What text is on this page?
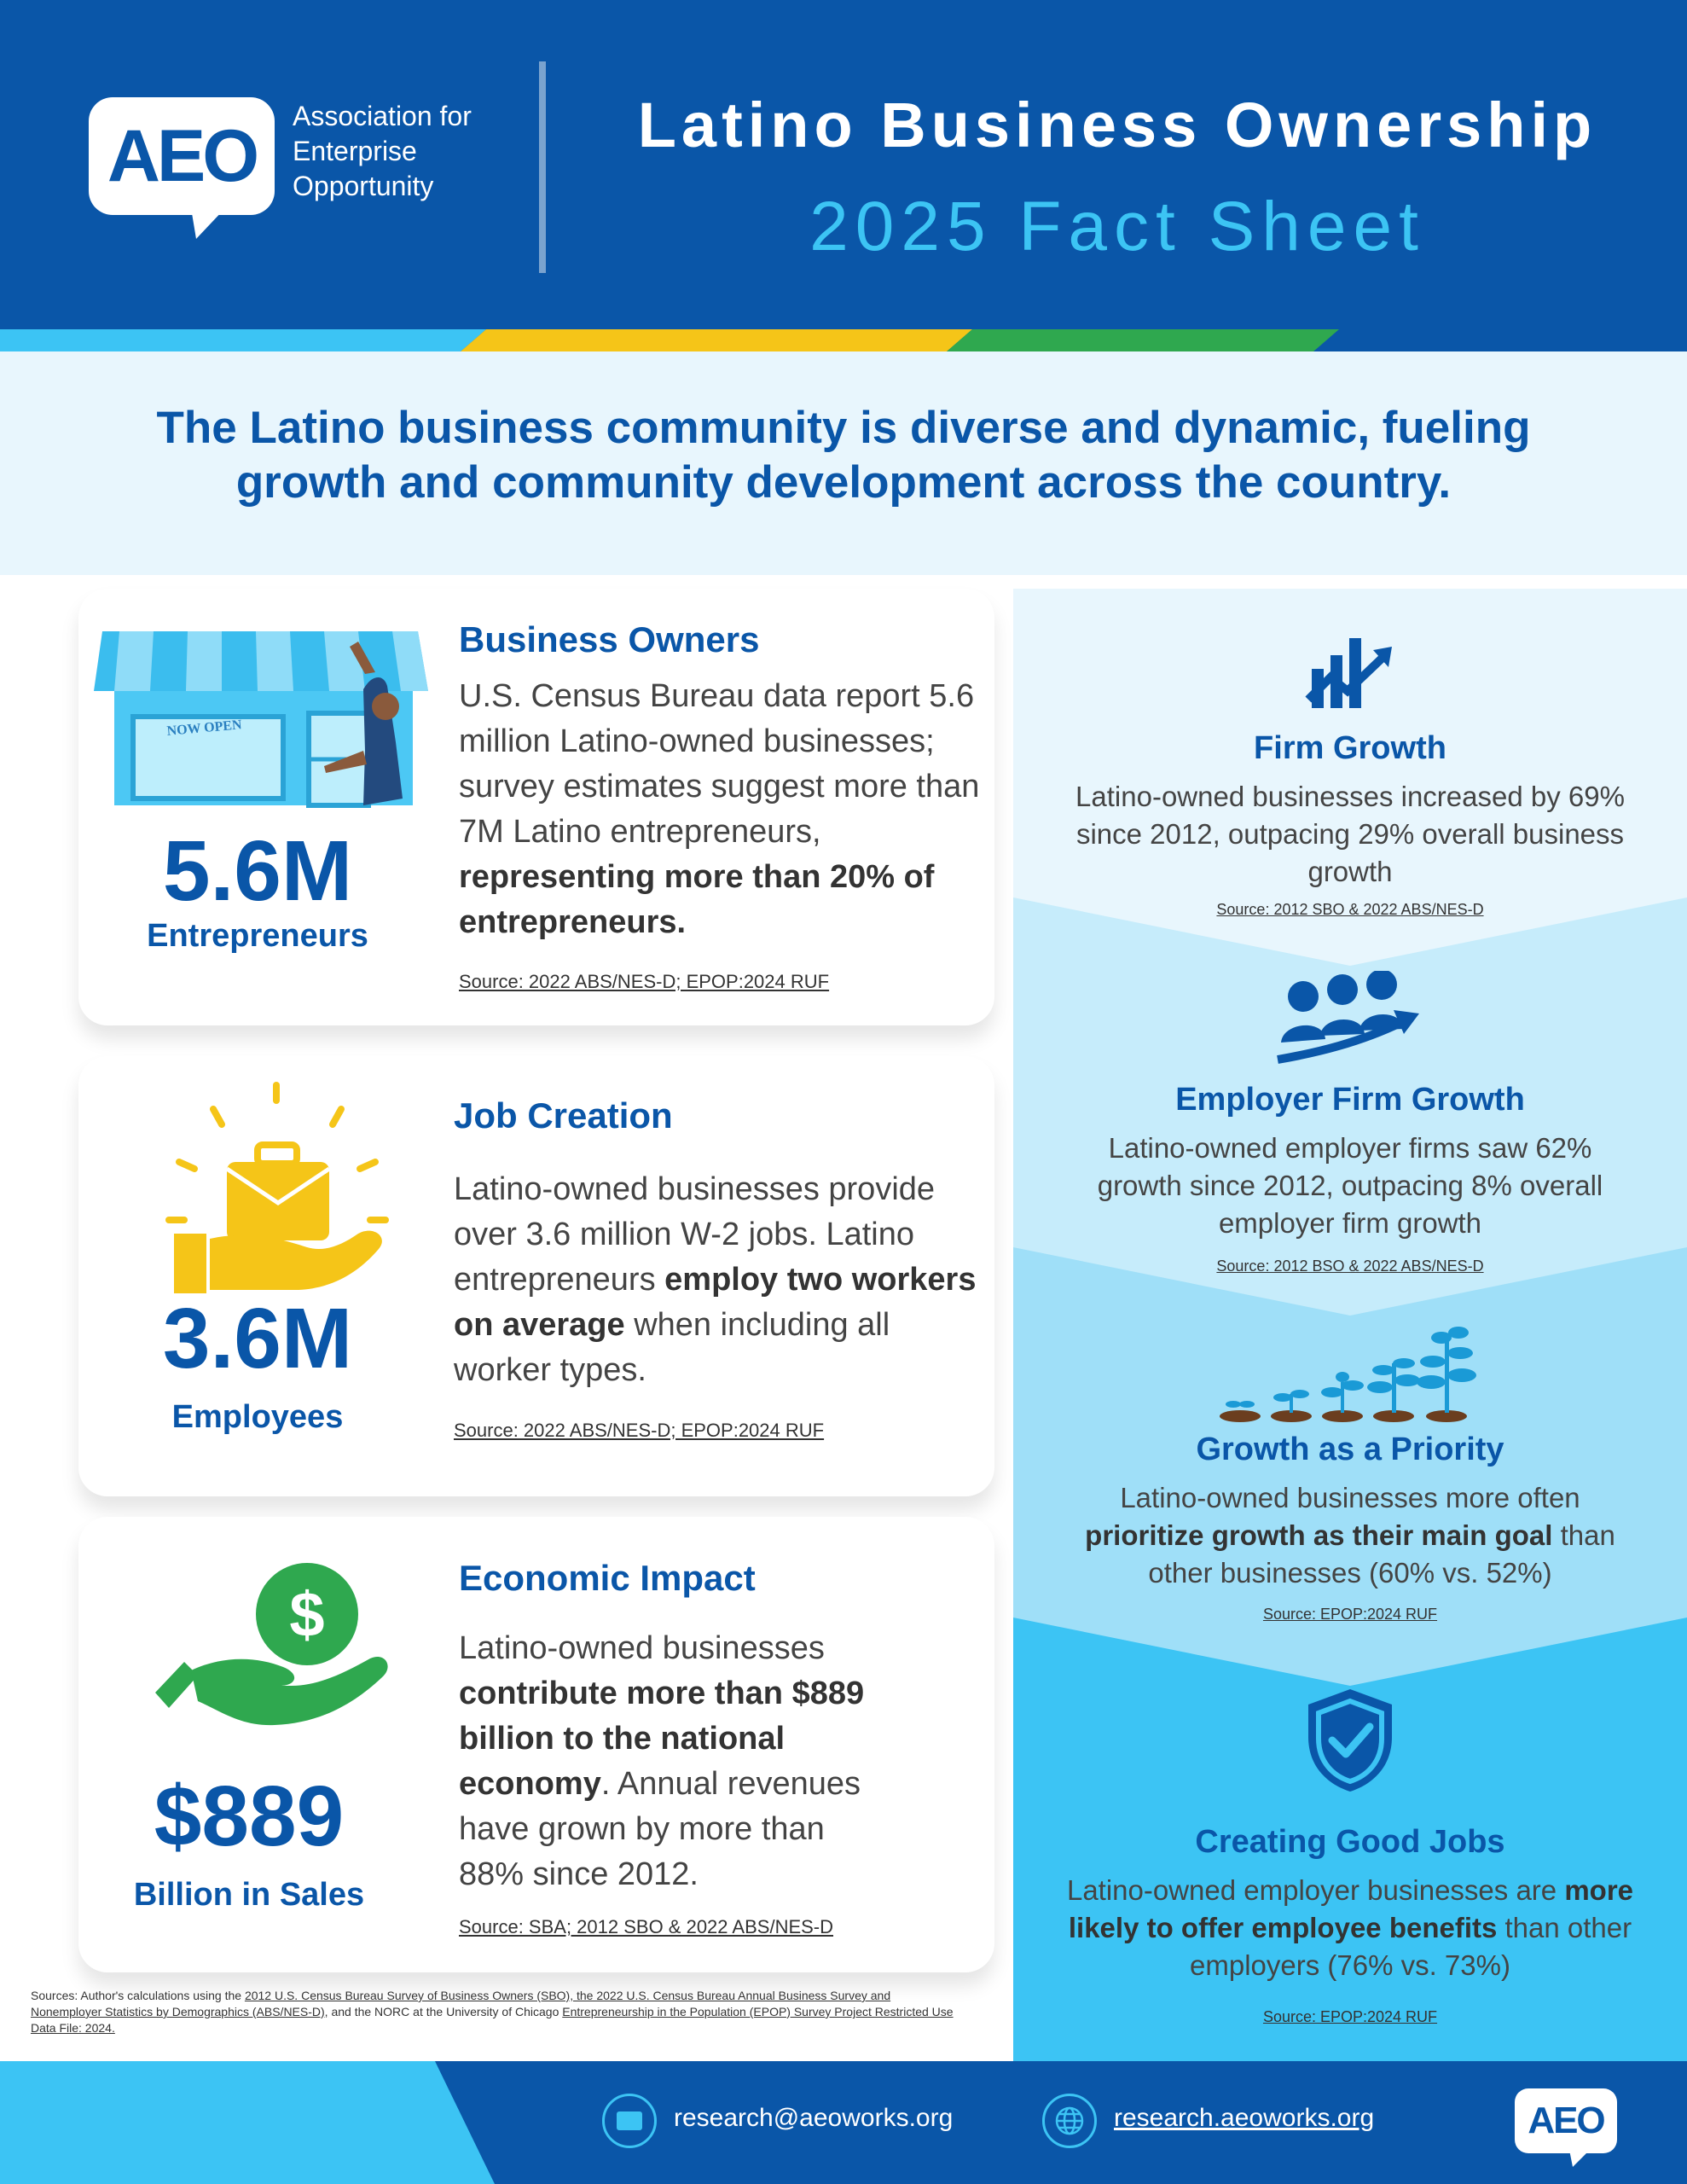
AEO	Association for Enterprise Opportunity
Latino Business Ownership
2025 Fact Sheet
The Latino business community is diverse and dynamic, fueling growth and community development across the country.
NOW OPEN
5.6M
Entrepreneurs
Business Owners
U.S. Census Bureau data report 5.6 million Latino-owned businesses; survey estimates suggest more than 7M Latino entrepreneurs, representing more than 20% of entrepreneurs.
Source: 2022 ABS/NES-D; EPOP:2024 RUF
3.6M
Employees
Job Creation
Latino-owned businesses provide over 3.6 million W-2 jobs. Latino entrepreneurs employ two workers on average when including all worker types.
Source: 2022 ABS/NES-D; EPOP:2024 RUF
$
$889
Billion in Sales
Economic Impact
Latino-owned businesses contribute more than $889 billion to the national economy. Annual revenues have grown by more than 88% since 2012.
Source: SBA; 2012 SBO & 2022 ABS/NES-D
Firm Growth
Latino-owned businesses increased by 69% since 2012, outpacing 29% overall business growth
Source: 2012 SBO & 2022 ABS/NES-D
Employer Firm Growth
Latino-owned employer firms saw 62% growth since 2012, outpacing 8% overall employer firm growth
Source: 2012 BSO & 2022 ABS/NES-D
Growth as a Priority
Latino-owned businesses more often prioritize growth as their main goal than other businesses (60% vs. 52%)
Source: EPOP:2024 RUF
Creating Good Jobs
Latino-owned employer businesses are more likely to offer employee benefits than other employers (76% vs. 73%)
Source: EPOP:2024 RUF
Sources: Author's calculations using the 2012 U.S. Census Bureau Survey of Business Owners (SBO), the 2022 U.S. Census Bureau Annual Business Survey and Nonemployer Statistics by Demographics (ABS/NES-D), and the NORC at the University of Chicago Entrepreneurship in the Population (EPOP) Survey Project Restricted Use Data File: 2024.
research@aeoworks.org	research.aeoworks.org	AEO
